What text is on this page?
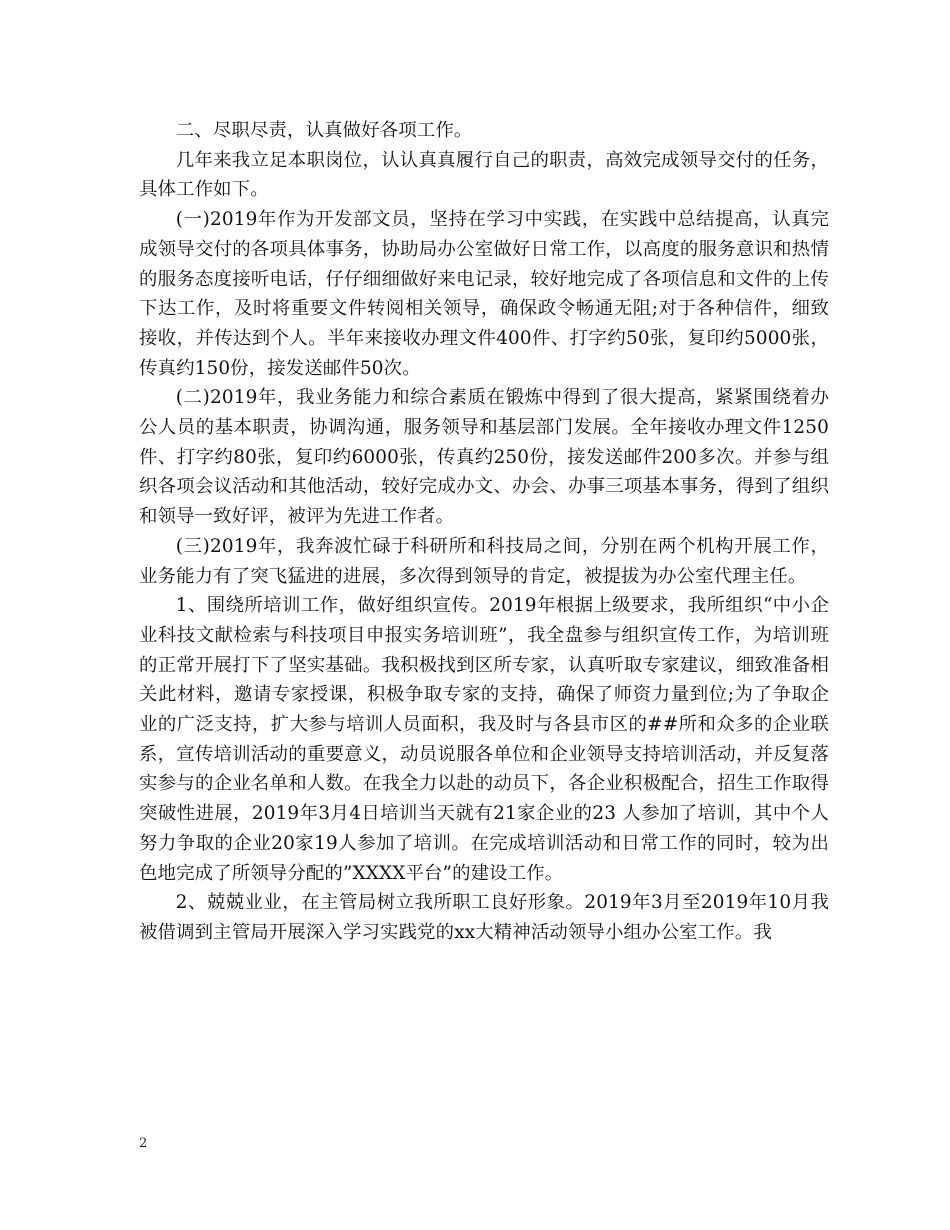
二、尽职尽责，认真做好各项工作。

几年来我立足本职岗位，认认真真履行自己的职责，高效完成领导交付的任务，具体工作如下。

(一)2019年作为开发部文员，坚持在学习中实践，在实践中总结提高，认真完成领导交付的各项具体事务，协助局办公室做好日常工作，以高度的服务意识和热情的服务态度接听电话，仔仔细细做好来电记录，较好地完成了各项信息和文件的上传下达工作，及时将重要文件转阅相关领导，确保政令畅通无阻;对于各种信件，细致接收，并传达到个人。半年来接收办理文件400件、打字约50张，复印约5000张，传真约150份，接发送邮件50次。

(二)2019年，我业务能力和综合素质在锻炼中得到了很大提高，紧紧围绕着办公人员的基本职责，协调沟通，服务领导和基层部门发展。全年接收办理文件1250件、打字约80张，复印约6000张，传真约250份，接发送邮件200多次。并参与组织各项会议活动和其他活动，较好完成办文、办会、办事三项基本事务，得到了组织和领导一致好评，被评为先进工作者。

(三)2019年，我奔波忙碌于科研所和科技局之间，分别在两个机构开展工作，业务能力有了突飞猛进的进展，多次得到领导的肯定，被提拔为办公室代理主任。

1、围绕所培训工作，做好组织宣传。2019年根据上级要求，我所组织“中小企业科技文献检索与科技项目申报实务培训班”，我全盘参与组织宣传工作，为培训班的正常开展打下了坚实基础。我积极找到区所专家，认真听取专家建议，细致准备相关此材料，邀请专家授课，积极争取专家的支持，确保了师资力量到位;为了争取企业的广泛支持，扩大参与培训人员面积，我及时与各县市区的##所和众多的企业联系，宣传培训活动的重要意义，动员说服各单位和企业领导支持培训活动，并反复落实参与的企业名单和人数。在我全力以赴的动员下，各企业积极配合，招生工作取得突破性进展，2019年3月4日培训当天就有21家企业的23 人参加了培训，其中个人努力争取的企业20家19人参加了培训。在完成培训活动和日常工作的同时，较为出色地完成了所领导分配的”XXXX平台”的建设工作。

2、兢兢业业，在主管局树立我所职工良好形象。2019年3月至2019年10月我被借调到主管局开展深入学习实践党的xx大精神活动领导小组办公室工作。我

2
